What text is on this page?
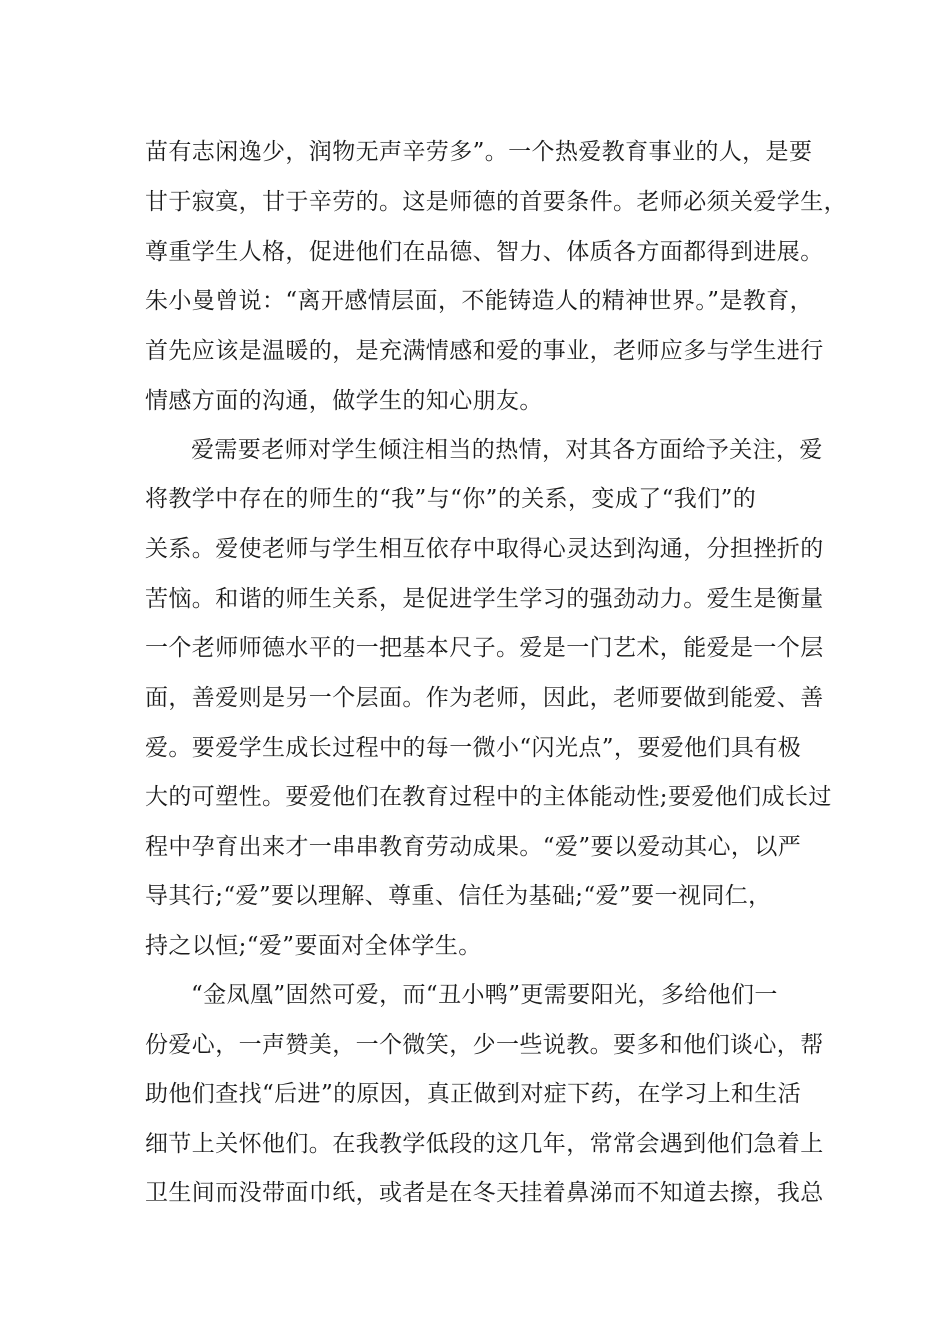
苗有志闲逸少，润物无声辛劳多”。一个热爱教育事业的人，是要
甘于寂寞，甘于辛劳的。这是师德的首要条件。老师必须关爱学生，
尊重学生人格，促进他们在品德、智力、体质各方面都得到进展。
朱小曼曾说：“离开感情层面，不能铸造人的精神世界。”是教育，
首先应该是温暖的，是充满情感和爱的事业，老师应多与学生进行
情感方面的沟通，做学生的知心朋友。
爱需要老师对学生倾注相当的热情，对其各方面给予关注，爱
将教学中存在的师生的“我”与“你”的关系，变成了“我们”的
关系。爱使老师与学生相互依存中取得心灵达到沟通，分担挫折的
苦恼。和谐的师生关系，是促进学生学习的强劲动力。爱生是衡量
一个老师师德水平的一把基本尺子。爱是一门艺术，能爱是一个层
面，善爱则是另一个层面。作为老师，因此，老师要做到能爱、善
爱。要爱学生成长过程中的每一微小“闪光点”，要爱他们具有极
大的可塑性。要爱他们在教育过程中的主体能动性;要爱他们成长过
程中孕育出来才一串串教育劳动成果。“爱”要以爱动其心，以严
导其行;“爱”要以理解、尊重、信任为基础;“爱”要一视同仁，
持之以恒;“爱”要面对全体学生。
“金凤凰”固然可爱，而“丑小鸭”更需要阳光，多给他们一
份爱心，一声赞美，一个微笑，少一些说教。要多和他们谈心，帮
助他们查找“后进”的原因，真正做到对症下药，在学习上和生活
细节上关怀他们。在我教学低段的这几年，常常会遇到他们急着上
卫生间而没带面巾纸，或者是在冬天挂着鼻涕而不知道去擦，我总
